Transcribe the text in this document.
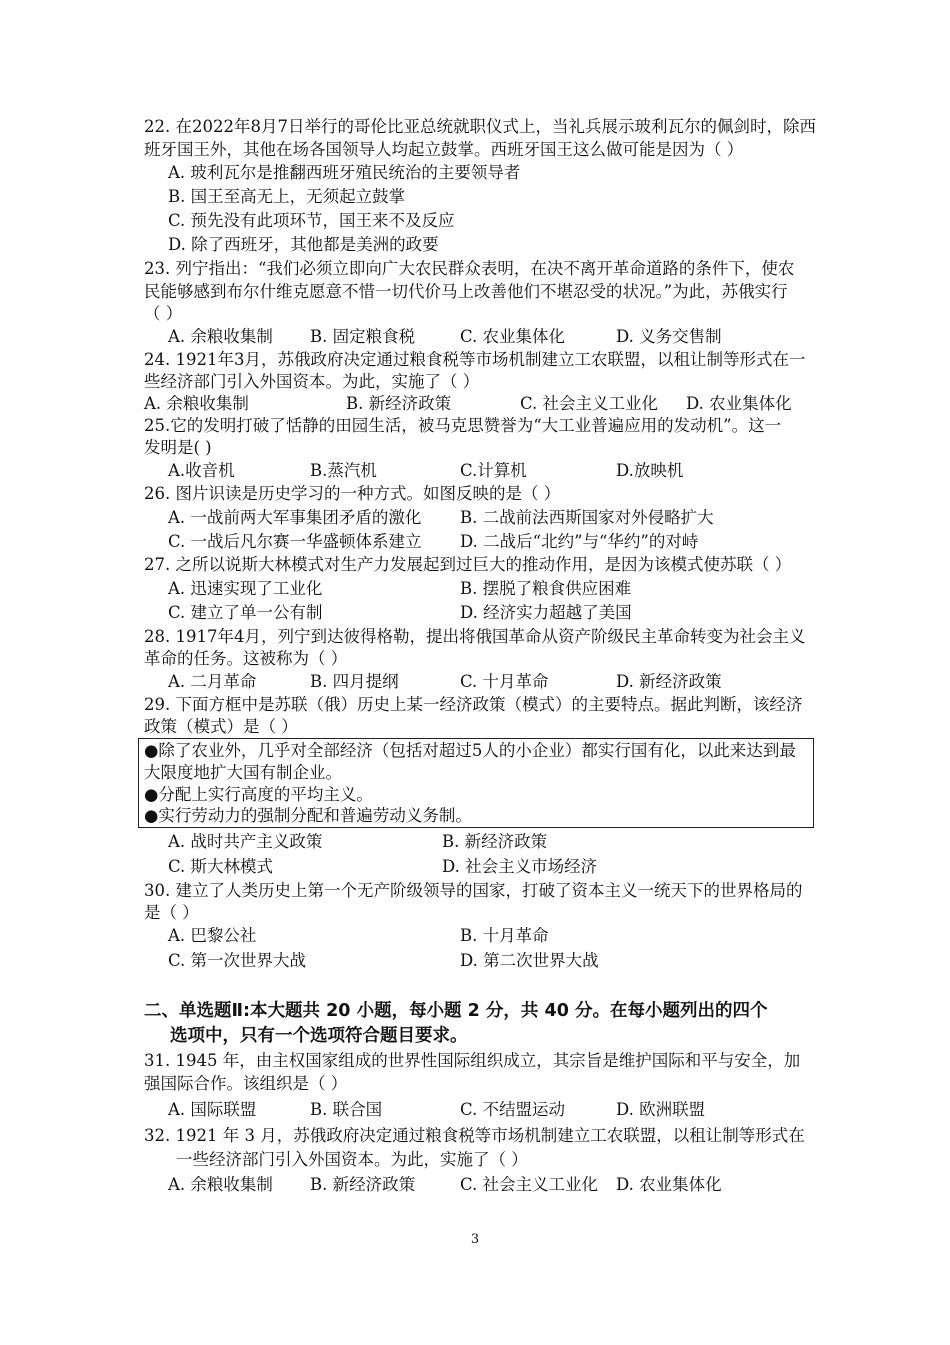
22. 在2022年8月7日举行的哥伦比亚总统就职仪式上，当礼兵展示玻利瓦尔的佩剑时，除西
班牙国王外，其他在场各国领导人均起立鼓掌。西班牙国王这么做可能是因为（ ）
A. 玻利瓦尔是推翻西班牙殖民统治的主要领导者
B. 国王至高无上，无须起立鼓掌
C. 预先没有此项环节，国王来不及反应
D. 除了西班牙，其他都是美洲的政要
23. 列宁指出：“我们必须立即向广大农民群众表明，在决不离开革命道路的条件下，使农
民能够感到布尔什维克愿意不惜一切代价马上改善他们不堪忍受的状况。”为此，苏俄实行
（ ）
A. 余粮收集制 B. 固定粮食税	C. 农业集体化	D. 义务交售制
24. 1921年3月，苏俄政府决定通过粮食税等市场机制建立工农联盟，以租让制等形式在一
些经济部门引入外国资本。为此，实施了（ ）
A. 余粮收集制	B. 新经济政策	C. 社会主义工业化 D. 农业集体化
25.它的发明打破了恬静的田园生活，被马克思赞誉为“大工业普遍应用的发动机”。这一
发明是( )
A.收音机	B.蒸汽机	C.计算机	D.放映机
26. 图片识读是历史学习的一种方式。如图反映的是（ ）
A. 一战前两大军事集团矛盾的激化 B. 二战前法西斯国家对外侵略扩大
C. 一战后凡尔赛一华盛顿体系建立 D. 二战后“北约”与“华约”的对峙
27. 之所以说斯大林模式对生产力发展起到过巨大的推动作用，是因为该模式使苏联（ ）
A. 迅速实现了工业化	B. 摆脱了粮食供应困难
C. 建立了单一公有制	D. 经济实力超越了美国
28. 1917年4月，列宁到达彼得格勒，提出将俄国革命从资产阶级民主革命转变为社会主义
革命的任务。这被称为（ ）
A. 二月革命	B. 四月提纲	C. 十月革命	D. 新经济政策
29. 下面方框中是苏联（俄）历史上某一经济政策（模式）的主要特点。据此判断，该经济
政策（模式）是（ ）
●除了农业外，几乎对全部经济（包括对超过5人的小企业）都实行国有化，以此来达到最
大限度地扩大国有制企业。
●分配上实行高度的平均主义。
●实行劳动力的强制分配和普遍劳动义务制。
A. 战时共产主义政策	B. 新经济政策
C. 斯大林模式	D. 社会主义市场经济
30. 建立了人类历史上第一个无产阶级领导的国家，打破了资本主义一统天下的世界格局的
是（ ）
A. 巴黎公社	B. 十月革命
C. 第一次世界大战	D. 第二次世界大战
二、单选题Ⅱ:本大题共 20 小题，每小题 2 分，共 40 分。在每小题列出的四个
选项中，只有一个选项符合题目要求。
31. 1945 年，由主权国家组成的世界性国际组织成立，其宗旨是维护国际和平与安全，加
强国际合作。该组织是（ ）
A. 国际联盟	B. 联合国	C. 不结盟运动	D. 欧洲联盟
32. 1921 年 3 月，苏俄政府决定通过粮食税等市场机制建立工农联盟，以租让制等形式在
一些经济部门引入外国资本。为此，实施了（ ）
A. 余粮收集制 B. 新经济政策	C. 社会主义工业化 D. 农业集体化
3
